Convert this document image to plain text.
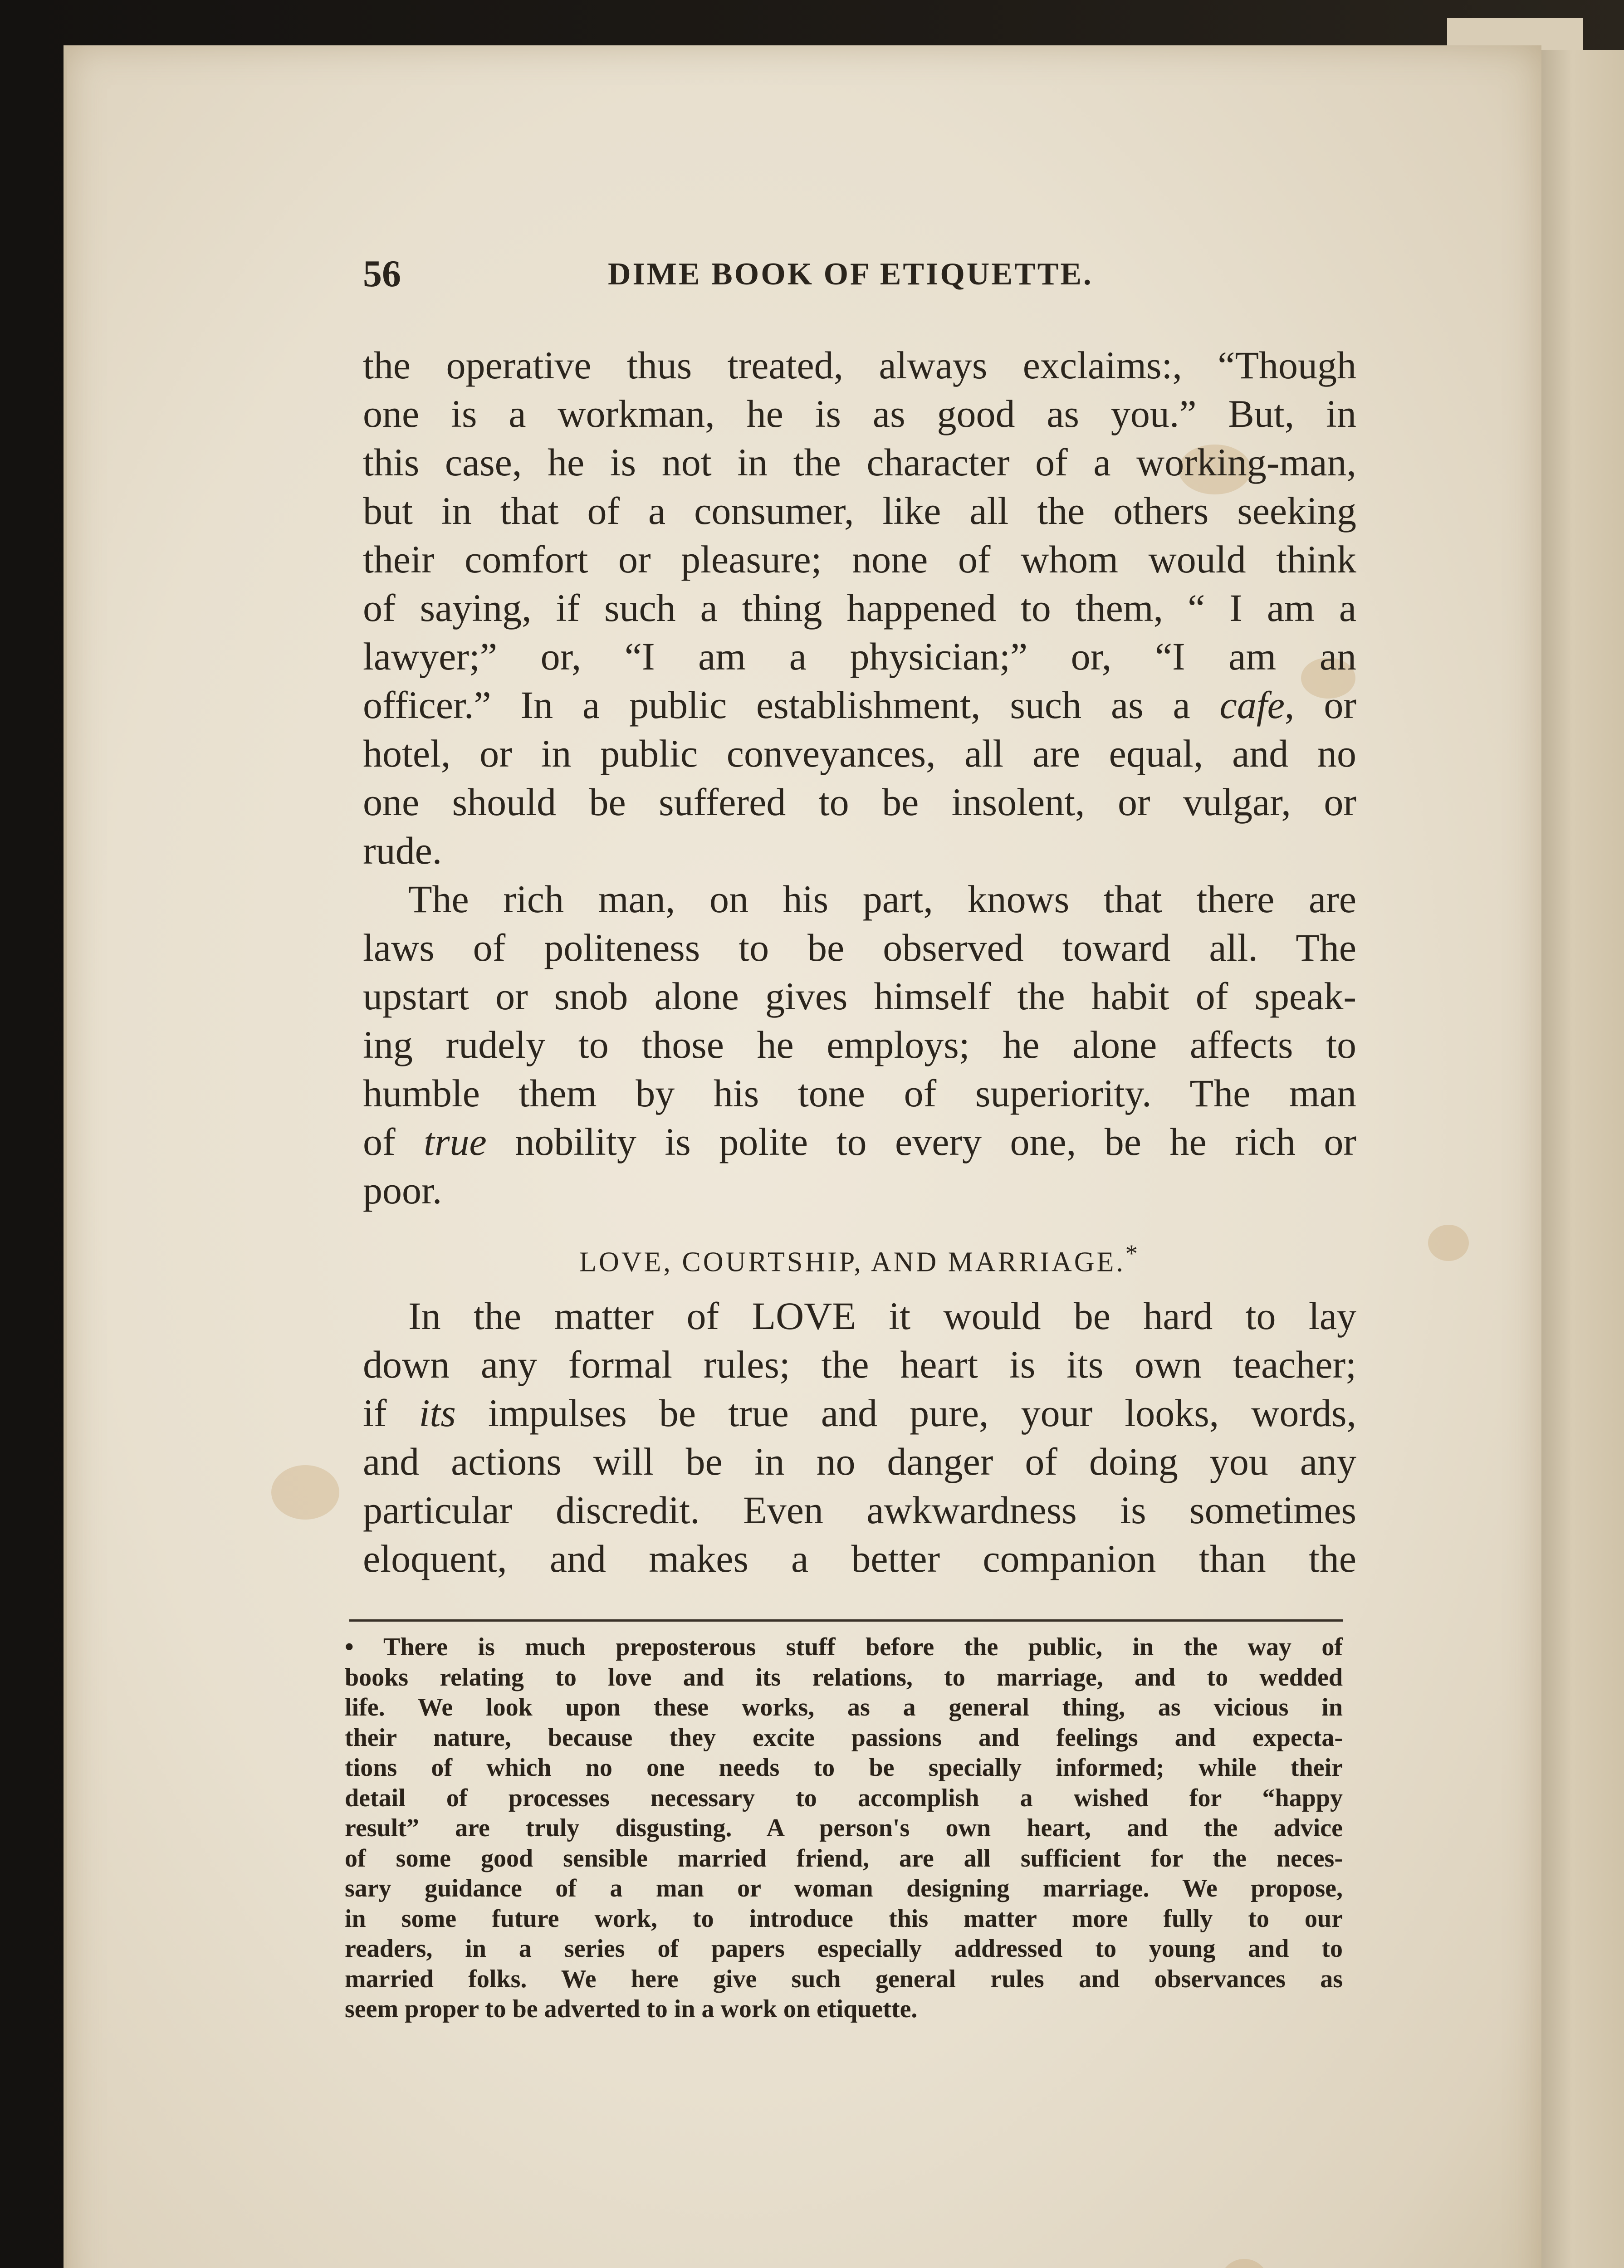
56	DIME BOOK OF ETIQUETTE.
the operative thus treated, always exclaims:, “Though
one is a workman, he is as good as you.” But, in
this case, he is not in the character of a working-man,
but in that of a consumer, like all the others seeking
their comfort or pleasure; none of whom would think
of saying, if such a thing happened to them, “ I am a
lawyer;” or, “I am a physician;” or, “I am an
officer.” In a public establishment, such as a cafe, or
hotel, or in public conveyances, all are equal, and no
one should be suffered to be insolent, or vulgar, or
rude.
The rich man, on his part, knows that there are
laws of politeness to be observed toward all. The
upstart or snob alone gives himself the habit of speak-
ing rudely to those he employs; he alone affects to
humble them by his tone of superiority. The man
of true nobility is polite to every one, be he rich or
poor.
LOVE, COURTSHIP, AND MARRIAGE.*
In the matter of LOVE it would be hard to lay
down any formal rules; the heart is its own teacher;
if its impulses be true and pure, your looks, words,
and actions will be in no danger of doing you any
particular discredit. Even awkwardness is sometimes
eloquent, and makes a better companion than the
• There is much preposterous stuff before the public, in the way of
books relating to love and its relations, to marriage, and to wedded
life. We look upon these works, as a general thing, as vicious in
their nature, because they excite passions and feelings and expecta-
tions of which no one needs to be specially informed; while their
detail of processes necessary to accomplish a wished for “happy
result” are truly disgusting. A person's own heart, and the advice
of some good sensible married friend, are all sufficient for the neces-
sary guidance of a man or woman designing marriage. We propose,
in some future work, to introduce this matter more fully to our
readers, in a series of papers especially addressed to young and to
married folks. We here give such general rules and observances as
seem proper to be adverted to in a work on etiquette.
